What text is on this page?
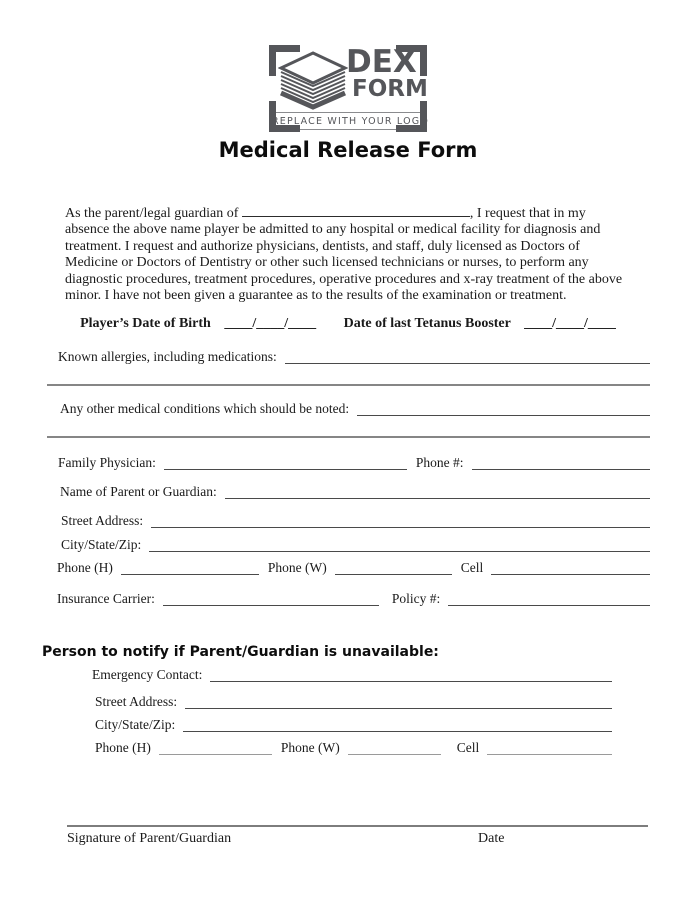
DEX
FORM
REPLACE WITH YOUR LOGO
Medical Release Form
As the parent/legal guardian of	, I request that in my absence the above name player be admitted to any hospital or medical facility for diagnosis and treatment. I request and authorize physicians, dentists, and staff, duly licensed as Doctors of Medicine or Doctors of Dentistry or other such licensed technicians or nurses, to perform any diagnostic procedures, treatment procedures, operative procedures and x-ray treatment of the above minor. I have not been given a guarantee as to the results of the examination or treatment.
Player’s Date of Birth ____/____/____ Date of last Tetanus Booster ____/____/____
Known allergies, including medications:
Any other medical conditions which should be noted:
Family Physician:	Phone #:
Name of Parent or Guardian:
Street Address:
City/State/Zip:
Phone (H)	Phone (W)	Cell
Insurance Carrier:	Policy #:
Person to notify if Parent/Guardian is unavailable:
Emergency Contact:
Street Address:
City/State/Zip:
Phone (H)	Phone (W)	Cell
Signature of Parent/Guardian	Date
